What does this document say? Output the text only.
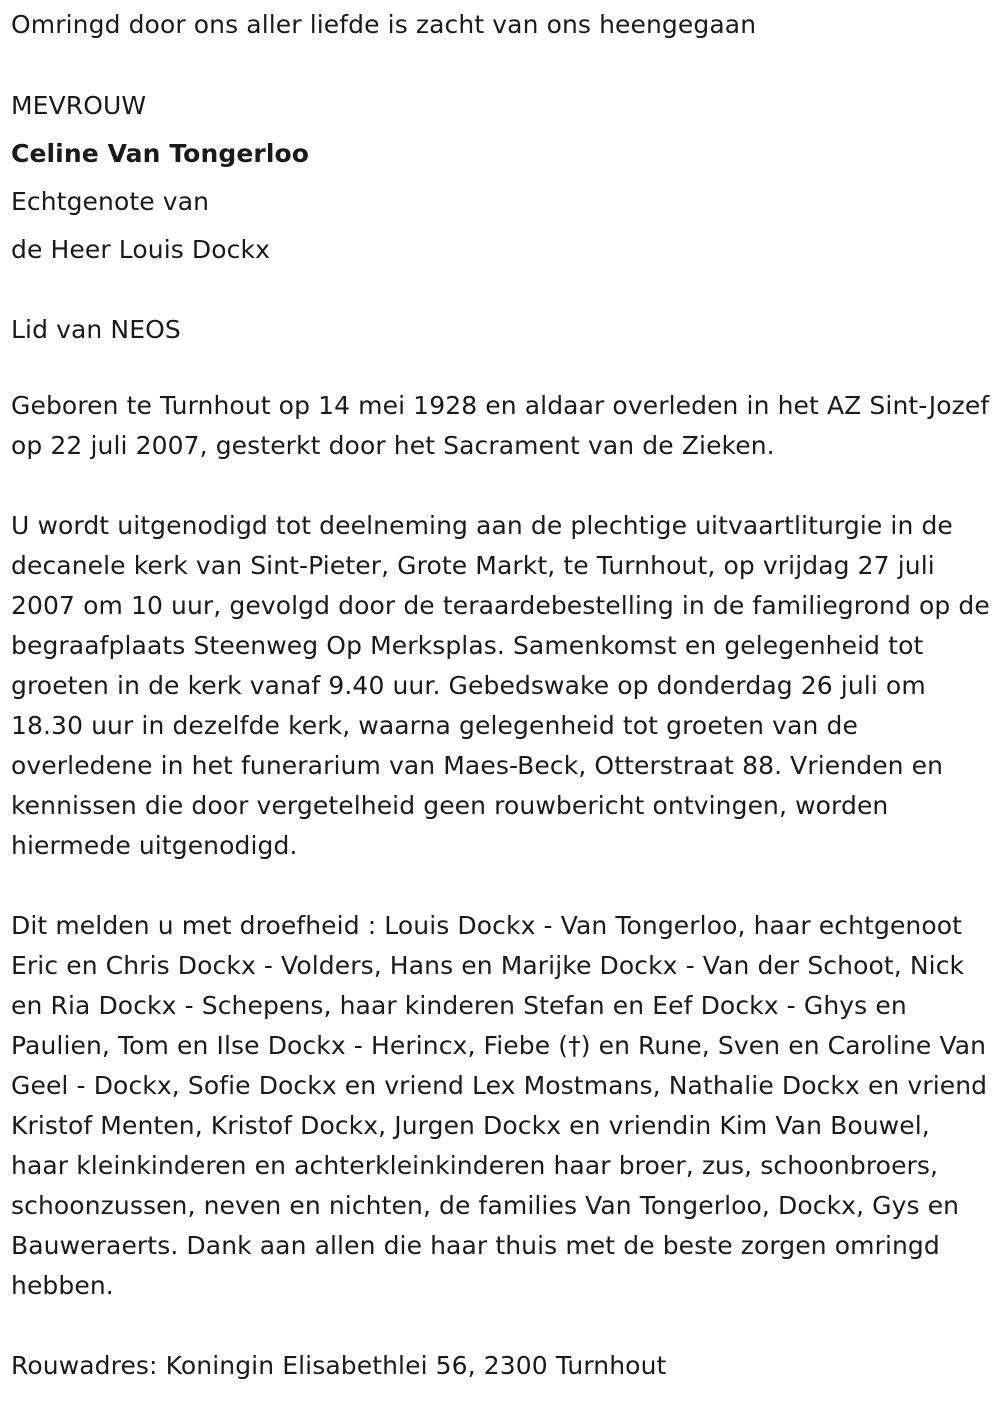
Omringd door ons aller liefde is zacht van ons heengegaan
MEVROUW
Celine Van Tongerloo
Echtgenote van
de Heer Louis Dockx
Lid van NEOS

Geboren te Turnhout op 14 mei 1928 en aldaar overleden in het AZ Sint-Jozef op 22 juli 2007, gesterkt door het Sacrament van de Zieken.

U wordt uitgenodigd tot deelneming aan de plechtige uitvaartliturgie in de decanele kerk van Sint-Pieter, Grote Markt, te Turnhout, op vrijdag 27 juli 2007 om 10 uur, gevolgd door de teraardebestelling in de familiegrond op de begraafplaats Steenweg Op Merksplas. Samenkomst en gelegenheid tot groeten in de kerk vanaf 9.40 uur. Gebedswake op donderdag 26 juli om 18.30 uur in dezelfde kerk, waarna gelegenheid tot groeten van de overledene in het funerarium van Maes-Beck, Otterstraat 88. Vrienden en kennissen die door vergetelheid geen rouwbericht ontvingen, worden hiermede uitgenodigd.

Dit melden u met droefheid : Louis Dockx - Van Tongerloo, haar echtgenoot Eric en Chris Dockx - Volders, Hans en Marijke Dockx - Van der Schoot, Nick en Ria Dockx - Schepens, haar kinderen Stefan en Eef Dockx - Ghys en Paulien, Tom en Ilse Dockx - Herincx, Fiebe (†) en Rune, Sven en Caroline Van Geel - Dockx, Sofie Dockx en vriend Lex Mostmans, Nathalie Dockx en vriend Kristof Menten, Kristof Dockx, Jurgen Dockx en vriendin Kim Van Bouwel, haar kleinkinderen en achterkleinkinderen haar broer, zus, schoonbroers, schoonzussen, neven en nichten, de families Van Tongerloo, Dockx, Gys en Bauweraerts. Dank aan allen die haar thuis met de beste zorgen omringd hebben.

Rouwadres: Koningin Elisabethlei 56, 2300 Turnhout
